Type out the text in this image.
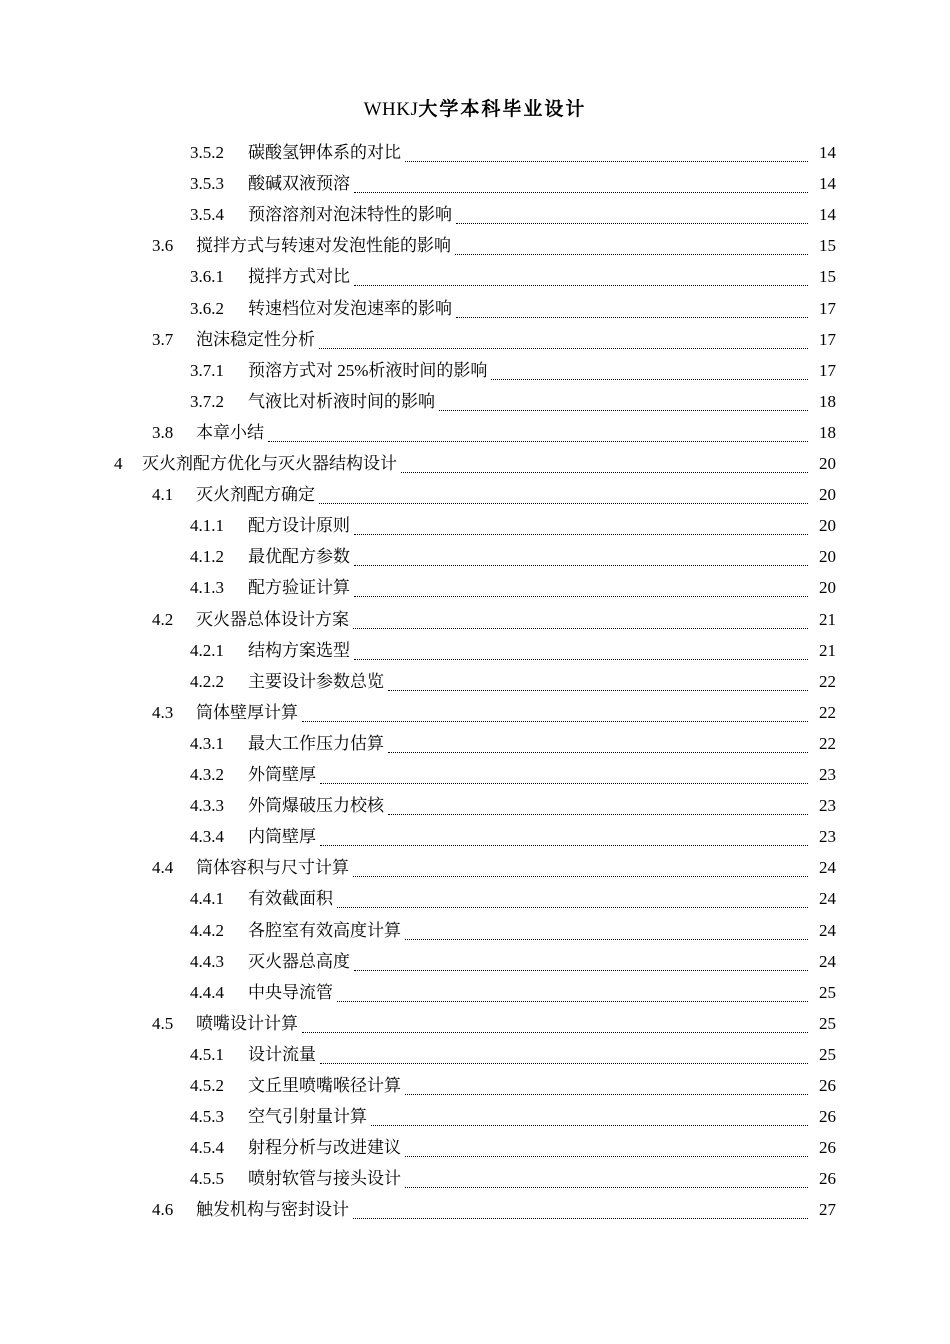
WHKJ大学本科毕业设计
3.5.2 碳酸氢钾体系的对比	14
3.5.3 酸碱双液预溶	14
3.5.4 预溶溶剂对泡沫特性的影响	14
3.6 搅拌方式与转速对发泡性能的影响	15
3.6.1 搅拌方式对比	15
3.6.2 转速档位对发泡速率的影响	17
3.7 泡沫稳定性分析	17
3.7.1 预溶方式对 25%析液时间的影响	17
3.7.2 气液比对析液时间的影响	18
3.8 本章小结	18
4 灭火剂配方优化与灭火器结构设计	20
4.1 灭火剂配方确定	20
4.1.1 配方设计原则	20
4.1.2 最优配方参数	20
4.1.3 配方验证计算	20
4.2 灭火器总体设计方案	21
4.2.1 结构方案选型	21
4.2.2 主要设计参数总览	22
4.3 筒体壁厚计算	22
4.3.1 最大工作压力估算	22
4.3.2 外筒壁厚	23
4.3.3 外筒爆破压力校核	23
4.3.4 内筒壁厚	23
4.4 筒体容积与尺寸计算	24
4.4.1 有效截面积	24
4.4.2 各腔室有效高度计算	24
4.4.3 灭火器总高度	24
4.4.4 中央导流管	25
4.5 喷嘴设计计算	25
4.5.1 设计流量	25
4.5.2 文丘里喷嘴喉径计算	26
4.5.3 空气引射量计算	26
4.5.4 射程分析与改进建议	26
4.5.5 喷射软管与接头设计	26
4.6 触发机构与密封设计	27
